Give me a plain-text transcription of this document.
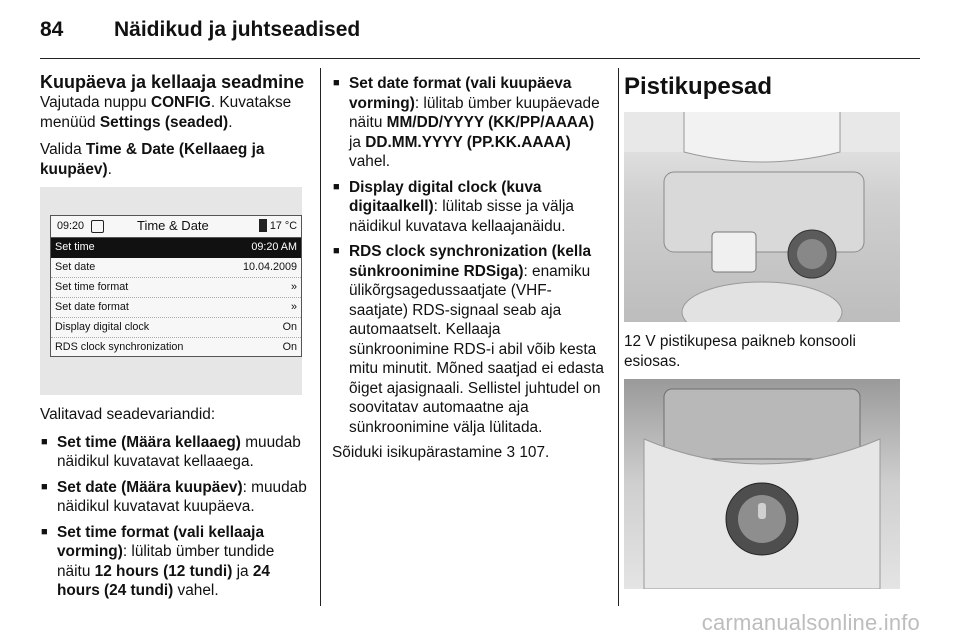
84 Näidikud ja juhtseadised
Kuupäeva ja kellaaja seadmine

Vajutada nuppu CONFIG. Kuvatakse menüüd Settings (seaded).

Valida Time & Date (Kellaaeg ja kuupäev).

09:20	Time & Date	17 °C
Set time	09:20 AM
Set date	10.04.2009
Set time format	»
Set date format	»
Display digital clock	On
RDS clock synchronization	On

Valitavad seadevariandid:

■ Set time (Määra kellaaeg) muudab näidikul kuvatavat kellaaega.
■ Set date (Määra kuupäev): muudab näidikul kuvatavat kuupäeva.
■ Set time format (vali kellaaja vorming): lülitab ümber tundide näitu 12 hours (12 tundi) ja 24 hours (24 tundi) vahel.
■ Set date format (vali kuupäeva vorming): lülitab ümber kuupäevade näitu MM/DD/YYYY (KK/PP/AAAA) ja DD.MM.YYYY (PP.KK.AAAA) vahel.
■ Display digital clock (kuva digitaalkell): lülitab sisse ja välja näidikul kuvatava kellaajanäidu.
■ RDS clock synchronization (kella sünkroonimine RDSiga): enamiku ülikõrgsagedussaatjate (VHF-saatjate) RDS-signaal seab aja automaatselt. Kellaaja sünkroonimine RDS-i abil võib kesta mitu minutit. Mõned saatjad ei edasta õiget ajasignaali. Sellistel juhtudel on soovitatav automaatne aja sünkroonimine välja lülitada.

Sõiduki isikupärastamine 3 107.

Pistikupesad

12 V pistikupesa paikneb konsooli esiosas.

carmanualsonline.info
